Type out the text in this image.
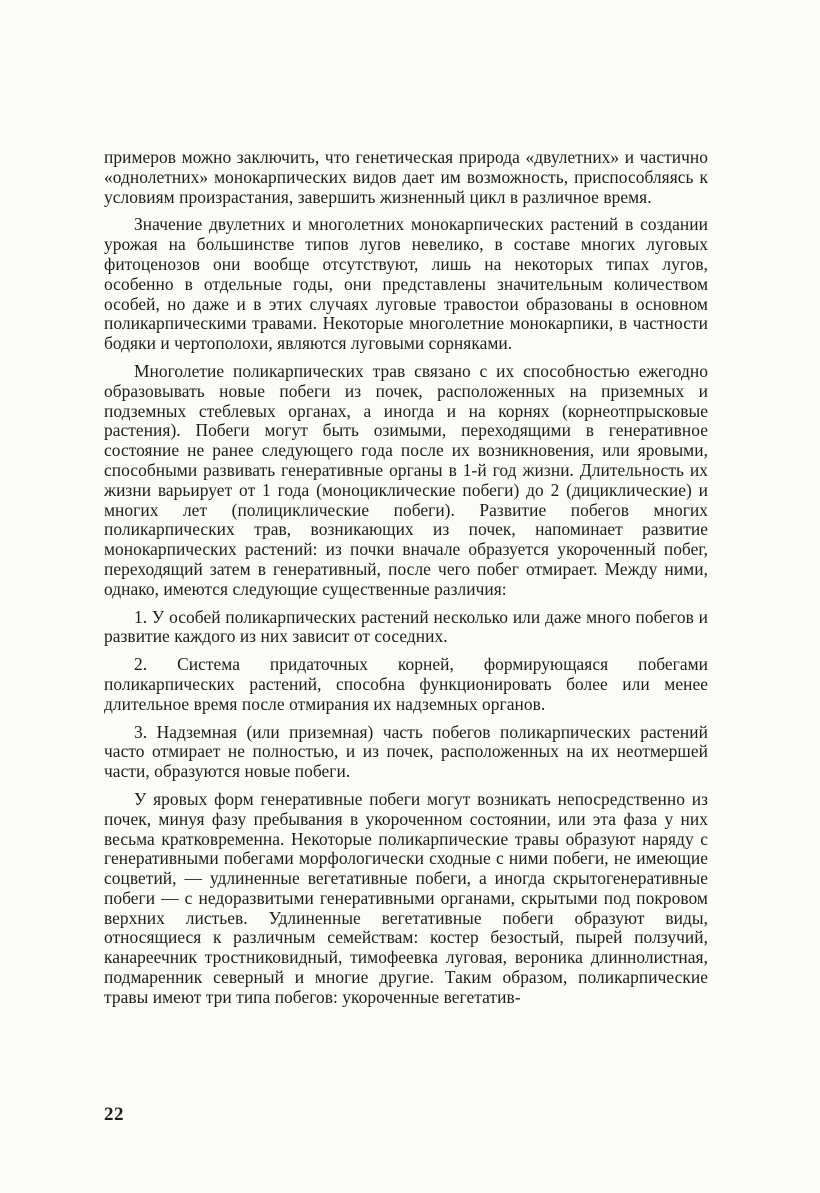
примеров можно заключить, что генетическая природа «двулетних» и частично «однолетних» монокарпических видов дает им возможность, приспособляясь к условиям произрастания, завершить жизненный цикл в различное время.

Значение двулетних и многолетних монокарпических растений в создании урожая на большинстве типов лугов невелико, в составе многих луговых фитоценозов они вообще отсутствуют, лишь на некоторых типах лугов, особенно в отдельные годы, они представлены значительным количеством особей, но даже и в этих случаях луговые травостои образованы в основном поликарпическими травами. Некоторые многолетние монокарпики, в частности бодяки и чертополохи, являются луговыми сорняками.

Многолетие поликарпических трав связано с их способностью ежегодно образовывать новые побеги из почек, расположенных на приземных и подземных стеблевых органах, а иногда и на корнях (корнеотпрысковые растения). Побеги могут быть озимыми, переходящими в генеративное состояние не ранее следующего года после их возникновения, или яровыми, способными развивать генеративные органы в 1-й год жизни. Длительность их жизни варьирует от 1 года (моноциклические побеги) до 2 (дициклические) и многих лет (полициклические побеги). Развитие побегов многих поликарпических трав, возникающих из почек, напоминает развитие монокарпических растений: из почки вначале образуется укороченный побег, переходящий затем в генеративный, после чего побег отмирает. Между ними, однако, имеются следующие существенные различия:

1. У особей поликарпических растений несколько или даже много побегов и развитие каждого из них зависит от соседних.

2. Система придаточных корней, формирующаяся побегами поликарпических растений, способна функционировать более или менее длительное время после отмирания их надземных органов.

3. Надземная (или приземная) часть побегов поликарпических растений часто отмирает не полностью, и из почек, расположенных на их неотмершей части, образуются новые побеги.

У яровых форм генеративные побеги могут возникать непосредственно из почек, минуя фазу пребывания в укороченном состоянии, или эта фаза у них весьма кратковременна. Некоторые поликарпические травы образуют наряду с генеративными побегами морфологически сходные с ними побеги, не имеющие соцветий, — удлиненные вегетативные побеги, а иногда скрытогенеративные побеги — с недоразвитыми генеративными органами, скрытыми под покровом верхних листьев. Удлиненные вегетативные побеги образуют виды, относящиеся к различным семействам: костер безостый, пырей ползучий, канареечник тростниковидный, тимофеевка луговая, вероника длиннолистная, подмаренник северный и многие другие. Таким образом, поликарпические травы имеют три типа побегов: укороченные вегетатив-

22
